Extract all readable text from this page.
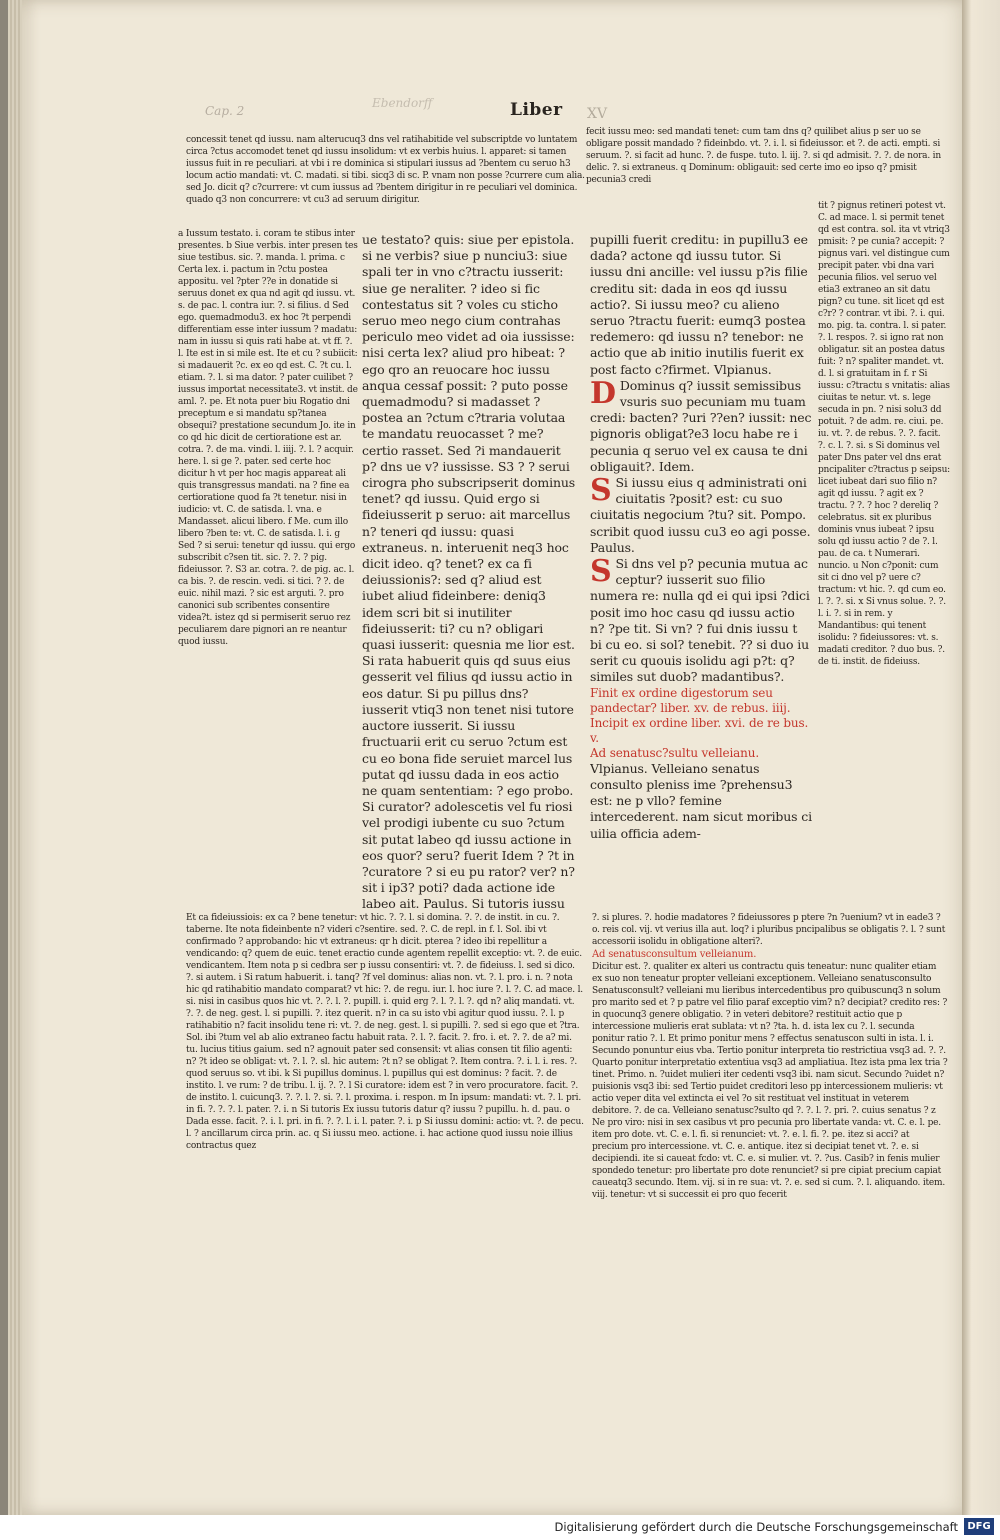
Cap. 2
Ebendorff	Liber XV

concessit tenet qd iussu. nam alterucuq3 dns vel ratihabitide vel subscriptde vo luntatem circa ?ctus accomodet tenet qd iussu insolidum: vt ex verbis huius. l. apparet: si tamen iussus fuit in re peculiari. at vbi i re dominica si stipulari iussus ad ?bentem cu seruo h3 locum actio mandati: vt. C. madati. si tibi. sicq3 di sc. P. vnam non posse ?currere cum alia. sed Jo. dicit q? c?currere: vt cum iussus ad ?bentem dirigitur in re peculiari vel dominica. quado q3 non concurrere: vt cu3 ad seruum dirigitur.

a Iussum testato. i. coram te stibus inter presentes. b Siue verbis. inter presen tes siue testibus. sic. ?. manda. l. prima. c Certa lex. i. pactum in ?ctu postea appositu. vel ?pter ??e in donatide si seruus donet ex qua nd agit qd iussu. vt. s. de pac. l. contra iur. ?. si filius. d Sed ego. quemadmodu3. ex hoc ?t perpendi differentiam esse inter iussum ? madatu: nam in iussu si quis rati habe at. vt ff. ?. l. Ite est in si mile est. Ite et cu ? subiicit: si madauerit ?c. ex eo qd est. C. ?t cu. l. etiam. ?. l. si ma dator. ? pater cuilibet ? iussus importat necessitate3. vt instit. de aml. ?. pe. Et nota puer biu Rogatio dni preceptum e si mandatu sp?tanea obsequi? prestatione secundum Jo. ite in co qd hic dicit de certioratione est ar. cotra. ?. de ma. vindi. l. iiij. ?. l. ? acquir. here. l. si ge ?. pater. sed certe hoc dicitur h vt per hoc magis appareat ali quis transgressus mandati. na ? fine ea certioratione quod fa ?t tenetur. nisi in iudicio: vt. C. de satisda. l. vna. e Mandasset. alicui libero. f Me. cum illo libero ?ben te: vt. C. de satisda. l. i. g Sed ? si serui: tenetur qd iussu. qui ergo subscribit c?sen tit. sic. ?. ?. ? pig. fideiussor. ?. S3 ar. cotra. ?. de pig. ac. l. ca bis. ?. de rescin. vedi. si tici. ? ?. de euic. nihil mazi. ? sic est arguti. ?. pro canonici sub scribentes consentire videa?t. istez qd si permiserit seruo rez peculiarem dare pignori an re neantur quod iussu.

ue testato? quis: siue per epistola. si ne verbis? siue p nunciu3: siue spali ter in vno c?tractu iusserit: siue ge neraliter. ? ideo si fic contestatus sit ? voles cu sticho seruo meo nego cium contrahas periculo meo videt ad oia iussisse: nisi certa lex? aliud pro hibeat: ? ego qro an reuocare hoc iussu anqua cessaf possit: ? puto posse quemadmodu? si madasset ? postea an ?ctum c?traria volutaa te mandatu reuocasset ? me? certio rasset. Sed ?i mandauerit p? dns ue v? iussisse. S3 ? ? serui cirogra pho subscripserit dominus tenet? qd iussu. Quid ergo si fideiusserit p seruo: ait marcellus n? teneri qd iussu: quasi extraneus. n. interuenit neq3 hoc dicit ideo. q? tenet? ex ca fi deiussionis?: sed q? aliud est iubet aliud fideinbere: deniq3 idem scri bit si inutiliter fideiusserit: ti? cu n? obligari quasi iusserit: quesnia me lior est. Si rata habuerit quis qd suus eius gesserit vel filius qd iussu actio in eos datur. Si pu pillus dns? iusserit vtiq3 non tenet nisi tutore auctore iusserit. Si iussu fructuarii erit cu seruo ?ctum est cu eo bona fide seruiet marcel lus putat qd iussu dada in eos actio ne quam sententiam: ? ego probo. Si curator? adolescetis vel fu riosi vel prodigi iubente cu suo ?ctum sit putat labeo qd iussu actione in eos quor? seru? fuerit Idem ? ?t in ?curatore ? si eu pu rator? ver? n? sit i ip3? poti? dada actione ide labeo ait. Paulus. Si tutoris iussu

fecit iussu meo: sed mandati tenet: cum tam dns q? quilibet alius p ser uo se obligare possit mandado ? fideinbdo. vt. ?. i. l. si fideiussor. et ?. de acti. empti. si seruum. ?. si facit ad hunc. ?. de fuspe. tuto. l. iij. ?. si qd admisit. ?. ?. de nora. in delic. ?. si extraneus. q Dominum: obligauit: sed certe imo eo ipso q? pmisit pecunia3 credi

pupilli fuerit creditu: in pupillu3 ee dada? actone qd iussu tutor. Si iussu dni ancille: vel iussu p?is filie creditu sit: dada in eos qd iussu actio?. Si iussu meo? cu alieno seruo ?tractu fuerit: eumq3 postea redemero: qd iussu n? tenebor: ne actio que ab initio inutilis fuerit ex post facto c?firmet. Vlpianus.

D Dominus q? iussit semissibus vsuris suo pecuniam mu tuam credi: bacten? ?uri ??en? iussit: nec pignoris obligat?e3 locu habe re i pecunia q seruo vel ex causa te dni obligauit?. Idem.

S Si iussu eius q administrati oni ciuitatis ?posit? est: cu suo ciuitatis negocium ?tu? sit. Pompo. scribit quod iussu cu3 eo agi posse. Paulus.

S Si dns vel p? pecunia mutua ac ceptur? iusserit suo filio numera re: nulla qd ei qui ipsi ?dici posit imo hoc casu qd iussu actio n? ?pe tit. Si vn? ? fui dnis iussu t bi cu eo. si sol? tenebit. ?? si duo iu serit cu quouis isolidu agi p?t: q? similes sut duob? madantibus?.

Finit ex ordine digestorum seu pandectar? liber. xv. de rebus. iiij. Incipit ex ordine liber. xvi. de re bus. v.

Ad senatusc?sultu velleianu.

Vlpianus. Velleiano senatus consulto pleniss ime ?prehensu3 est: ne p vllo? femine intercederent. nam sicut moribus ci uilia officia adem-

tit ? pignus retineri potest vt. C. ad mace. l. si permit tenet qd est contra. sol. ita vt vtriq3 pmisit: ? pe cunia? accepit: ? pignus vari. vel distingue cum precipit pater. vbi dna vari pecunia filios. vel seruo vel etia3 extraneo an sit datu pign? cu tune. sit licet qd est c?r? ? contrar. vt ibi. ?. i. qui. mo. pig. ta. contra. l. si pater. ?. l. respos. ?. si igno rat non obligatur. sit an postea datus fuit: ? n? spaliter mandet. vt. d. l. si gratuitam in f. r Si iussu: c?tractu s vnitatis: alias ciuitas te netur. vt. s. lege secuda in pn. ? nisi solu3 dd potuit. ? de adm. re. ciui. pe. iu. vt. ?. de rebus. ?. ?. facit. ?. c. l. ?. si. s Si dominus vel pater Dns pater vel dns erat pncipaliter c?tractus p seipsu: licet iubeat dari suo filio n? agit qd iussu. ? agit ex ?tractu. ? ?. ? hoc ? dereliq ? celebratus. sit ex pluribus dominis vnus iubeat ? ipsu solu qd iussu actio ? de ?. l. pau. de ca. t Numerari. nuncio. u Non c?ponit: cum sit ci dno vel p? uere c?tractum: vt hic. ?. qd cum eo. l. ?. ?. si. x Si vnus solue. ?. ?. l. i. ?. si in rem. y Mandantibus: qui tenent isolidu: ? fideiussores: vt. s. madati creditor. ? duo bus. ?. de ti. instit. de fideiuss.

Et ca fideiussiois: ex ca ? bene tenetur: vt hic. ?. ?. l. si domina. ?. ?. de instit. in cu. ?. taberne. Ite nota fideinbente n? videri c?sentire. sed. ?. C. de repl. in f. l. Sol. ibi vt confirmado ? approbando: hic vt extraneus: qr h dicit. pterea ? ideo ibi repellitur a vendicando: q? quem de euic. tenet eractio cunde agentem repellit exceptio: vt. ?. de euic. vendicantem. Item nota p si cedbra ser p iussu consentiri: vt. ?. de fideiuss. l. sed si dico. ?. si autem. i Si ratum habuerit. i. tanq? ?f vel dominus: alias non. vt. ?. l. pro. i. n. ? nota hic qd ratihabitio mandato comparat? vt hic: ?. de regu. iur. l. hoc iure ?. l. ?. C. ad mace. l. si. nisi in casibus quos hic vt. ?. ?. l. ?. pupill. i. quid erg ?. l. ?. l. ?. qd n? aliq mandati. vt. ?. ?. de neg. gest. l. si pupilli. ?. itez querit. n? in ca su isto vbi agitur quod iussu. ?. l. p ratihabitio n? facit insolidu tene ri: vt. ?. de neg. gest. l. si pupilli. ?. sed si ego que et ?tra. Sol. ibi ?tum vel ab alio extraneo factu habuit rata. ?. l. ?. facit. ?. fro. i. et. ?. ?. de a? mi. tu. lucius titius gaium. sed n? agnouit pater sed consensit: vt alias consen tit filio agenti: n? ?t ideo se obligat: vt. ?. l. ?. sl. hic autem: ?t n? se obligat ?. Item contra. ?. i. l. i. res. ?. quod seruus so. vt ibi. k Si pupillus dominus. l. pupillus qui est dominus: ? facit. ?. de instito. l. ve rum: ? de tribu. l. ij. ?. ?. l Si curatore: idem est ? in vero procuratore. facit. ?. de instito. l. cuicunq3. ?. ?. l. ?. si. ?. l. proxima. i. respon. m In ipsum: mandati: vt. ?. l. pri. in fi. ?. ?. ?. l. pater. ?. i. n Si tutoris Ex iussu tutoris datur q? iussu ? pupillu. h. d. pau. o Dada esse. facit. ?. i. l. pri. in fi. ?. ?. l. i. l. pater. ?. i. p Si iussu domini: actio: vt. ?. de pecu. l. ? ancillarum circa prin. ac. q Si iussu meo. actione. i. hac actione quod iussu noie illius contractus quez

?. si plures. ?. hodie madatores ? fideiussores p ptere ?n ?uenium? vt in eade3 ?o. reis col. vij. vt verius illa aut. loq? i pluribus pncipalibus se obligatis ?. l. ? sunt accessorii isolidu in obligatione alteri?.

Ad senatusconsultum velleianum.

Dicitur est. ?. qualiter ex alteri us contractu quis teneatur: nunc qualiter etiam ex suo non teneatur propter velleiani exceptionem. Velleiano senatusconsulto Senatusconsult? velleiani mu lieribus intercedentibus pro quibuscunq3 n solum pro marito sed et ? p patre vel filio paraf exceptio vim? n? decipiat? credito res: ? in quocunq3 genere obligatio. ? in veteri debitore? restituit actio que p intercessione mulieris erat sublata: vt n? ?ta. h. d. ista lex cu ?. l. secunda ponitur ratio ?. l. Et primo ponitur mens ? effectus senatuscon sulti in ista. l. i. Secundo ponuntur eius vba. Tertio ponitur interpreta tio restrictiua vsq3 ad. ?. ?. Quarto ponitur interpretatio extentiua vsq3 ad ampliatiua. Itez ista pma lex tria ?tinet. Primo. n. ?uidet mulieri iter cedenti vsq3 ibi. nam sicut. Secundo ?uidet n? puisionis vsq3 ibi: sed Tertio puidet creditori leso pp intercessionem mulieris: vt actio veper dita vel extincta ei vel ?o sit restituat vel instituat in veterem debitore. ?. de ca. Velleiano senatusc?sulto qd ?. ?. l. ?. pri. ?. cuius senatus ? z Ne pro viro: nisi in sex casibus vt pro pecunia pro libertate vanda: vt. C. e. l. pe. item pro dote. vt. C. e. l. fi. si renunciet: vt. ?. e. l. fi. ?. pe. itez si acci? at precium pro intercessione. vt. C. e. antique. itez si decipiat tenet vt. ?. e. si decipiendi. ite si caueat fcdo: vt. C. e. si mulier. vt. ?. ?us. Casib? in fenis mulier spondedo tenetur: pro libertate pro dote renunciet? si pre cipiat precium capiat caueatq3 secundo. Item. vij. si in re sua: vt. ?. e. sed si cum. ?. l. aliquando. item. viij. tenetur: vt si successit ei pro quo fecerit

Digitalisierung gefördert durch die Deutsche Forschungsgemeinschaft DFG
